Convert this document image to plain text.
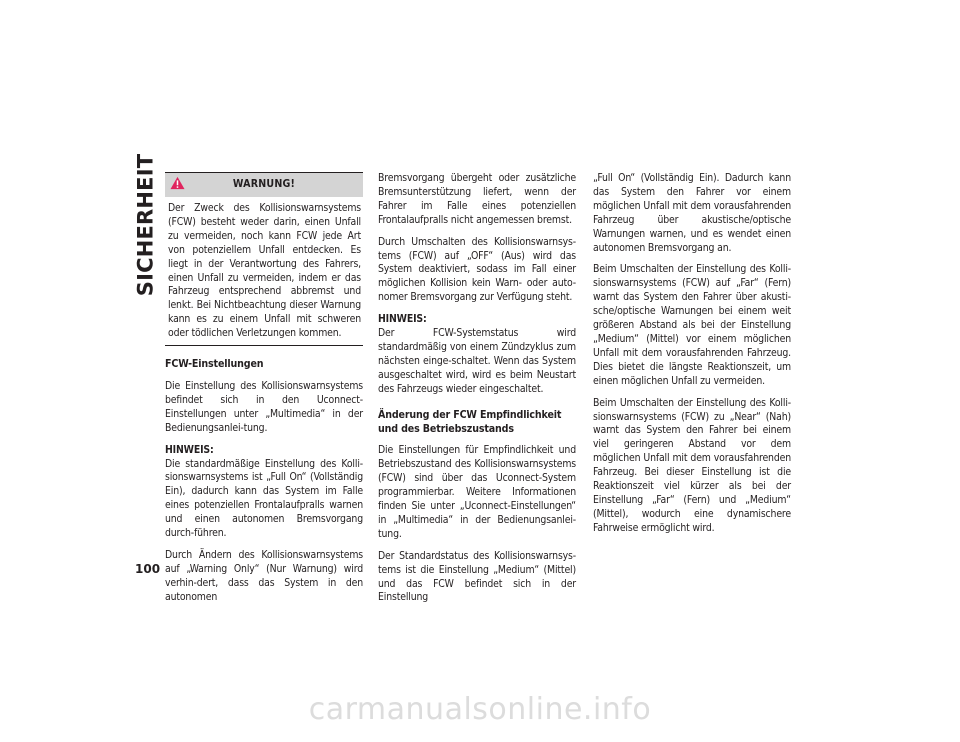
SICHERHEIT
100
WARNUNG!

Der Zweck des Kollisionswarnsystems (FCW) besteht weder darin, einen Unfall zu vermeiden, noch kann FCW jede Art von potenziellem Unfall entdecken. Es liegt in der Verantwortung des Fahrers, einen Unfall zu vermeiden, indem er das Fahrzeug entsprechend abbremst und lenkt. Bei Nichtbeachtung dieser Warnung kann es zu einem Unfall mit schweren oder tödlichen Verletzungen kommen.

FCW-Einstellungen

Die Einstellung des Kollisionswarnsystems befindet sich in den Uconnect-Einstellungen unter „Multimedia“ in der Bedienungsanlei-tung.

HINWEIS:
Die standardmäßige Einstellung des Kolli-sionswarnsystems ist „Full On“ (Vollständig Ein), dadurch kann das System im Falle eines potenziellen Frontalaufpralls warnen und einen autonomen Bremsvorgang durch-führen.

Durch Ändern des Kollisionswarnsystems auf „Warning Only“ (Nur Warnung) wird verhin-dert, dass das System in den autonomen

Bremsvorgang übergeht oder zusätzliche Bremsunterstützung liefert, wenn der Fahrer im Falle eines potenziellen Frontalaufpralls nicht angemessen bremst.

Durch Umschalten des Kollisionswarnsys-tems (FCW) auf „OFF“ (Aus) wird das System deaktiviert, sodass im Fall einer möglichen Kollision kein Warn- oder auto-nomer Bremsvorgang zur Verfügung steht.

HINWEIS:
Der FCW-Systemstatus wird standardmäßig von einem Zündzyklus zum nächsten einge-schaltet. Wenn das System ausgeschaltet wird, wird es beim Neustart des Fahrzeugs wieder eingeschaltet.

Änderung der FCW Empfindlichkeit und des Betriebszustands

Die Einstellungen für Empfindlichkeit und Betriebszustand des Kollisionswarnsystems (FCW) sind über das Uconnect-System programmierbar. Weitere Informationen finden Sie unter „Uconnect-Einstellungen“ in „Multimedia“ in der Bedienungsanlei-tung.

Der Standardstatus des Kollisionswarnsys-tems ist die Einstellung „Medium“ (Mittel) und das FCW befindet sich in der Einstellung

„Full On“ (Vollständig Ein). Dadurch kann das System den Fahrer vor einem möglichen Unfall mit dem vorausfahrenden Fahrzeug über akustische/optische Warnungen warnen, und es wendet einen autonomen Bremsvorgang an.

Beim Umschalten der Einstellung des Kolli-sionswarnsystems (FCW) auf „Far“ (Fern) warnt das System den Fahrer über akusti-sche/optische Warnungen bei einem weit größeren Abstand als bei der Einstellung „Medium“ (Mittel) vor einem möglichen Unfall mit dem vorausfahrenden Fahrzeug. Dies bietet die längste Reaktionszeit, um einen möglichen Unfall zu vermeiden.

Beim Umschalten der Einstellung des Kolli-sionswarnsystems (FCW) zu „Near“ (Nah) warnt das System den Fahrer bei einem viel geringeren Abstand vor dem möglichen Unfall mit dem vorausfahrenden Fahrzeug. Bei dieser Einstellung ist die Reaktionszeit viel kürzer als bei der Einstellung „Far“ (Fern) und „Medium“ (Mittel), wodurch eine dynamischere Fahrweise ermöglicht wird.

carmanualsonline.info
